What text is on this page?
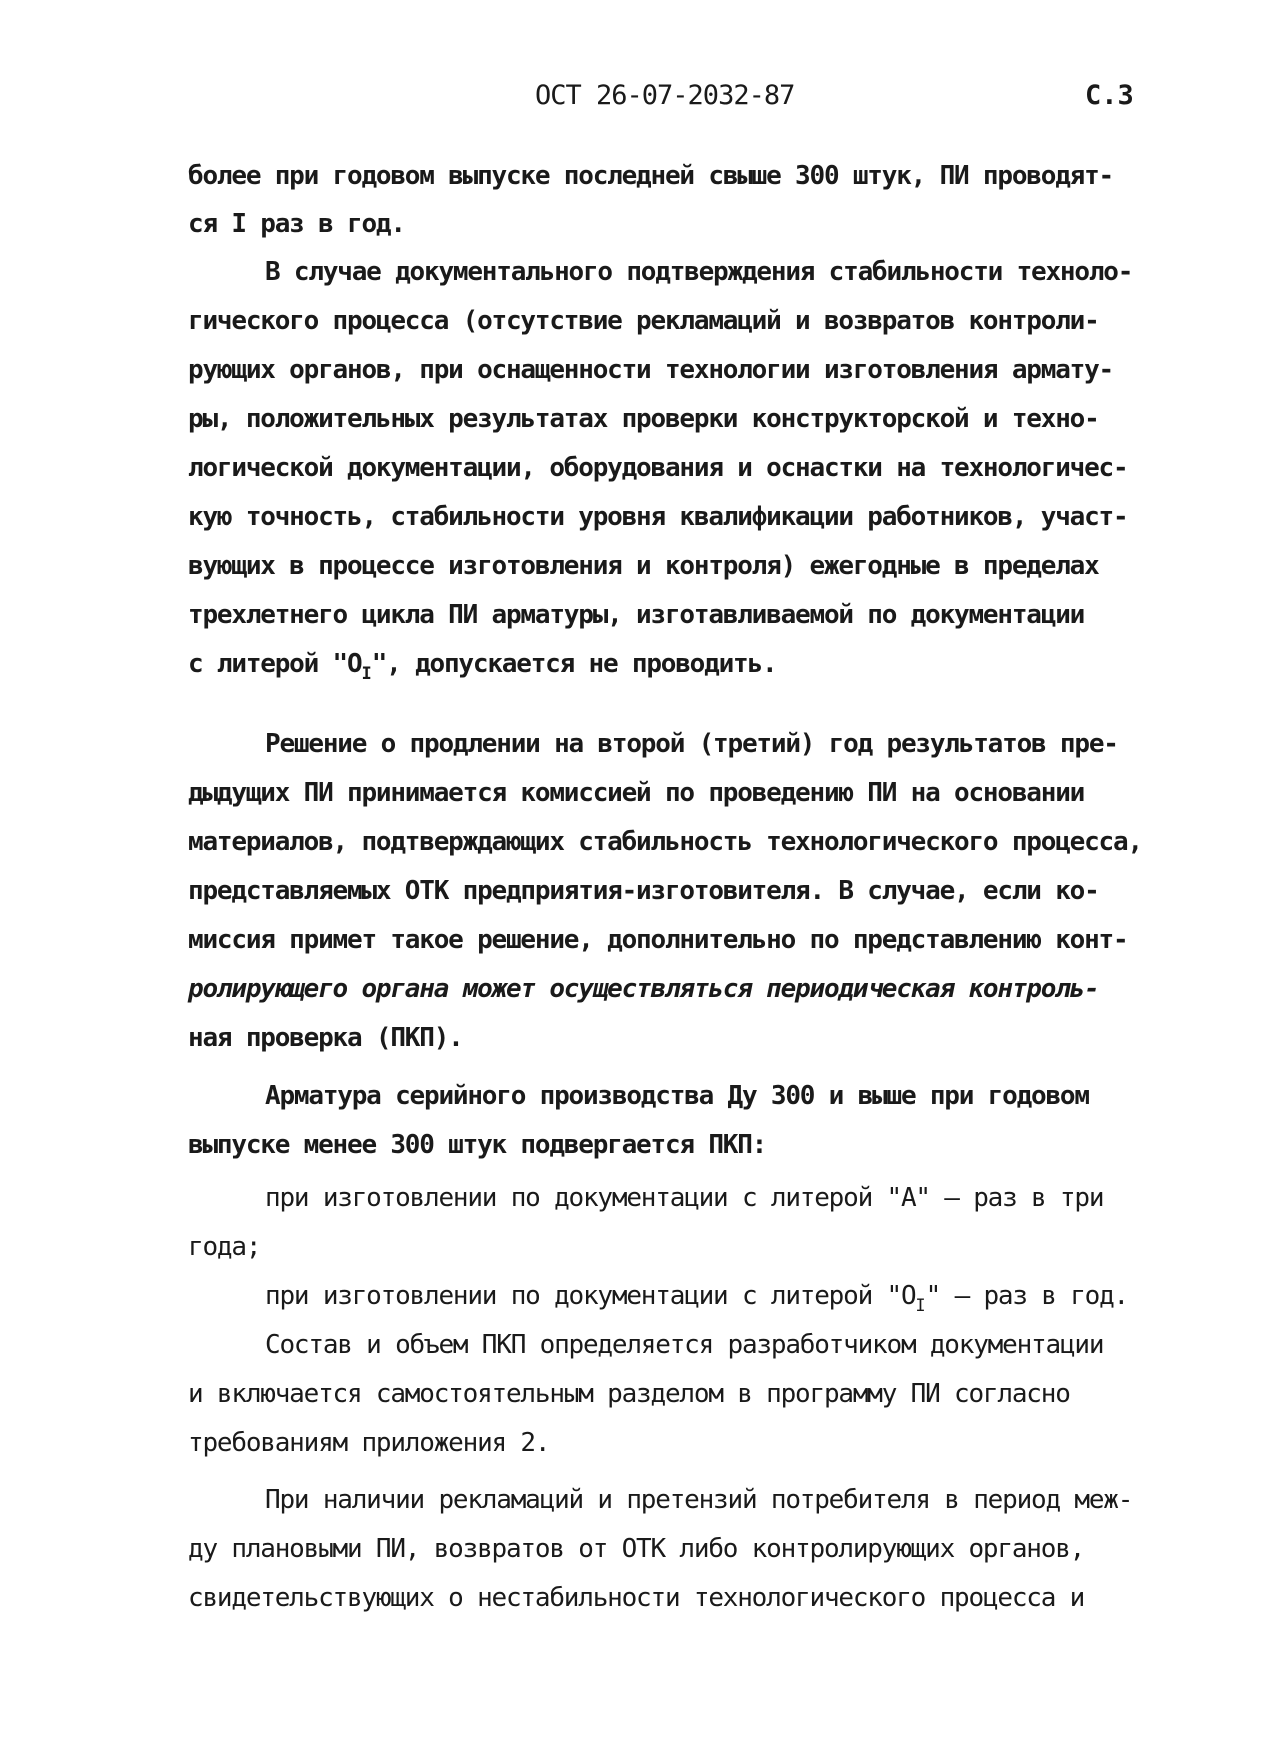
ОСТ 26-07-2032-87	С.3
более при годовом выпуске последней свыше 300 штук, ПИ проводят-
ся I раз в год.
В случае документального подтверждения стабильности техноло-
гического процесса (отсутствие рекламаций и возвратов контроли-
рующих органов, при оснащенности технологии изготовления армату-
ры, положительных результатах проверки конструкторской и техно-
логической документации, оборудования и оснастки на технологичес-
кую точность, стабильности уровня квалификации работников, участ-
вующих в процессе изготовления и контроля) ежегодные в пределах
трехлетнего цикла ПИ арматуры, изготавливаемой по документации
с литерой "$О_I$", допускается не проводить.
Решение о продлении на второй (третий) год результатов пре-
дыдущих ПИ принимается комиссией по проведению ПИ на основании
материалов, подтверждающих стабильность технологического процесса,
представляемых ОТК предприятия-изготовителя. В случае, если ко-
миссия примет такое решение, дополнительно по представлению конт-
ролирующего органа может осуществляться периодическая контроль-
ная проверка (ПКП).
Арматура серийного производства Ду 300 и выше при годовом
выпуске менее 300 штук подвергается ПКП:
при изготовлении по документации с литерой "А" – раз в три
года;
при изготовлении по документации с литерой "$О_I$" – раз в год.
Состав и объем ПКП определяется разработчиком документации
и включается самостоятельным разделом в программу ПИ согласно
требованиям приложения 2.
При наличии рекламаций и претензий потребителя в период меж-
ду плановыми ПИ, возвратов от ОТК либо контролирующих органов,
свидетельствующих о нестабильности технологического процесса и
